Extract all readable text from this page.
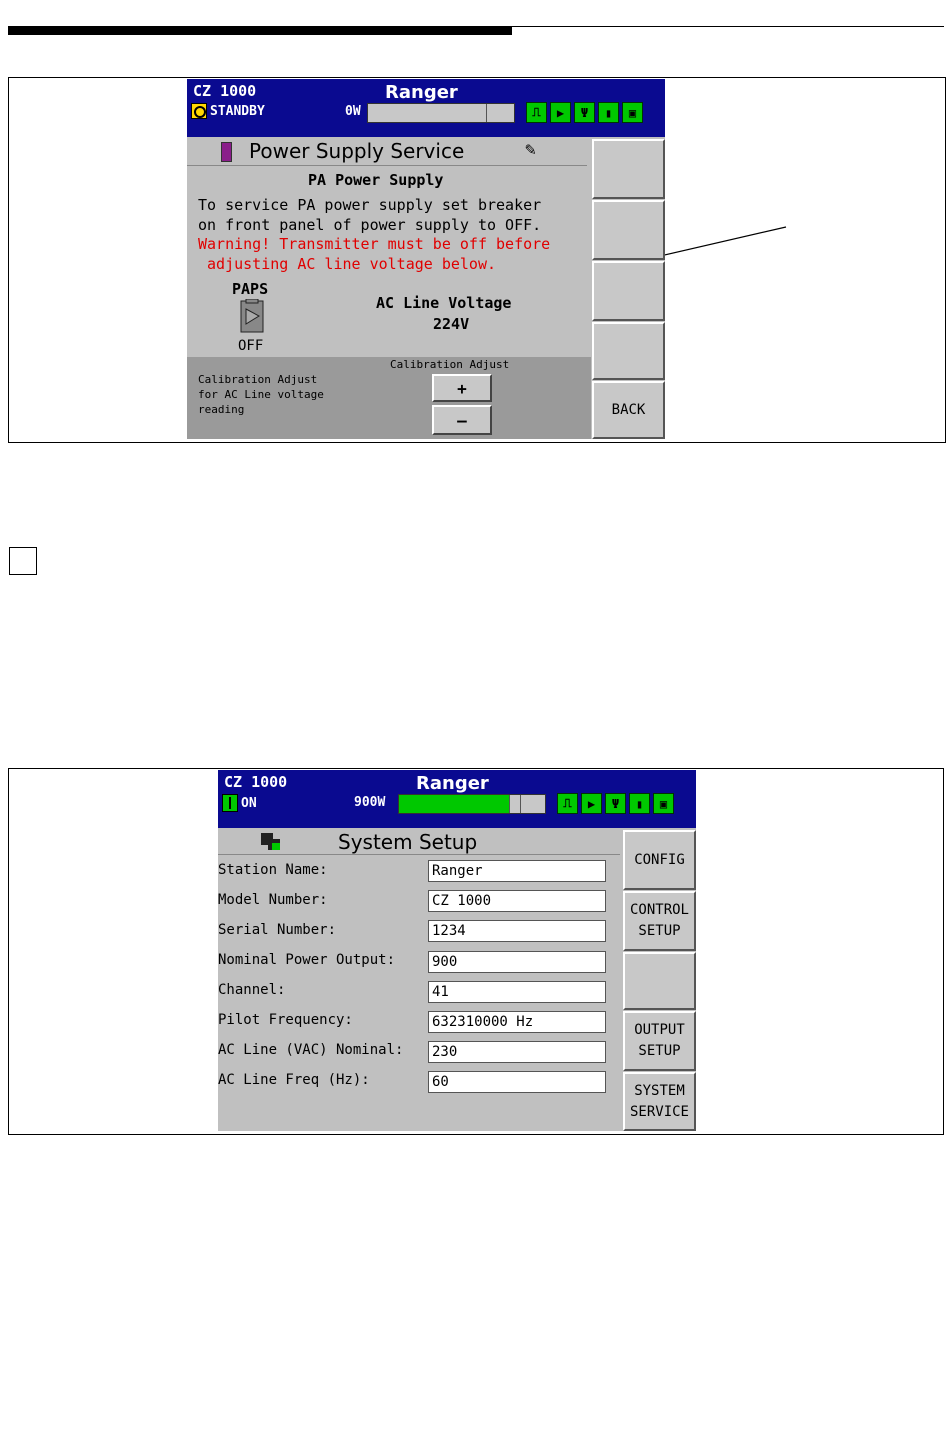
CZ 1000	Ranger
STANDBY	0W	⎍	▶	Ψ	▮	▣
Power Supply Service	✎
PA Power Supply
To service PA power supply set breaker
on front panel of power supply to OFF.
Warning! Transmitter must be off before
adjusting AC line voltage below.
PAPS
OFF
AC Line Voltage
224V
Calibration Adjust
Calibration Adjust
for AC Line voltage
reading
+
–
BACK
CZ 1000	Ranger
ON	900W	⎍	▶	Ψ	▮	▣
System Setup
Station Name:	Ranger
Model Number:	CZ 1000
Serial Number:	1234
Nominal Power Output:	900
Channel:	41
Pilot Frequency:	632310000 Hz
AC Line (VAC) Nominal: 230
AC Line Freq (Hz):	60
CONFIG
CONTROL
SETUP
OUTPUT
SETUP
SYSTEM
SERVICE
